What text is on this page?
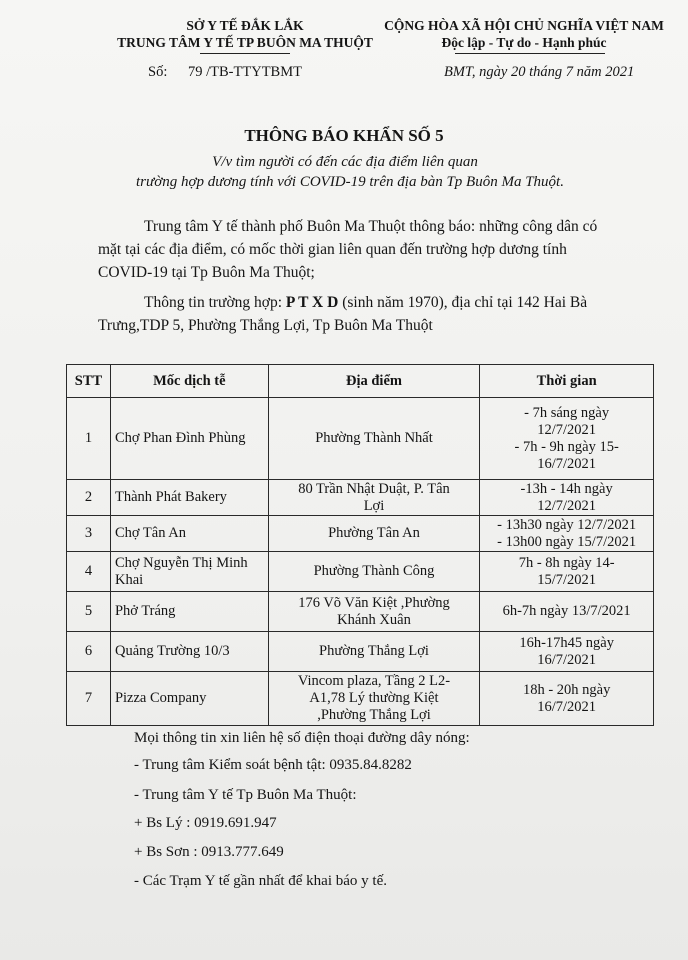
SỞ Y TẾ ĐẮK LẮK
TRUNG TÂM Y TẾ TP BUÔN MA THUỘT
CỘNG HÒA XÃ HỘI CHỦ NGHĨA VIỆT NAM
Độc lập - Tự do - Hạnh phúc
Số: 79 /TB-TTYTBMT	BMT, ngày 20 tháng 7 năm 2021
THÔNG BÁO KHẨN SỐ 5
V/v tìm người có đến các địa điểm liên quan
trường hợp dương tính với COVID-19 trên địa bàn Tp Buôn Ma Thuột.
Trung tâm Y tế thành phố Buôn Ma Thuột thông báo: những công dân có
mặt tại các địa điểm, có mốc thời gian liên quan đến trường hợp dương tính
COVID-19 tại Tp Buôn Ma Thuột;
Thông tin trường hợp: P T X D (sinh năm 1970), địa chỉ tại 142 Hai Bà
Trưng,TDP 5, Phường Thắng Lợi, Tp Buôn Ma Thuột
STT	Mốc dịch tễ	Địa điểm	Thời gian
1	Chợ Phan Đình Phùng	Phường Thành Nhất	- 7h sáng ngày
12/7/2021
- 7h - 9h ngày 15-
16/7/2021

2	Thành Phát Bakery	80 Trần Nhật Duật, P. Tân
Lợi	-13h - 14h ngày
12/7/2021

3	Chợ Tân An	Phường Tân An	- 13h30 ngày 12/7/2021
- 13h00 ngày 15/7/2021

4	Chợ Nguyễn Thị Minh
Khai	Phường Thành Công	7h - 8h ngày 14-
15/7/2021

5	Phở Tráng	176 Võ Văn Kiệt ,Phường
Khánh Xuân	6h-7h ngày 13/7/2021

6	Quảng Trường 10/3	Phường Thắng Lợi	16h-17h45 ngày
16/7/2021

7	Pizza Company	Vincom plaza, Tầng 2 L2-
A1,78 Lý thường Kiệt
,Phường Thắng Lợi	18h - 20h ngày
16/7/2021
Mọi thông tin xin liên hệ số điện thoại đường dây nóng:
- Trung tâm Kiểm soát bệnh tật: 0935.84.8282
- Trung tâm Y tế Tp Buôn Ma Thuột:
+ Bs Lý : 0919.691.947
+ Bs Sơn : 0913.777.649
- Các Trạm Y tế gần nhất để khai báo y tế.
